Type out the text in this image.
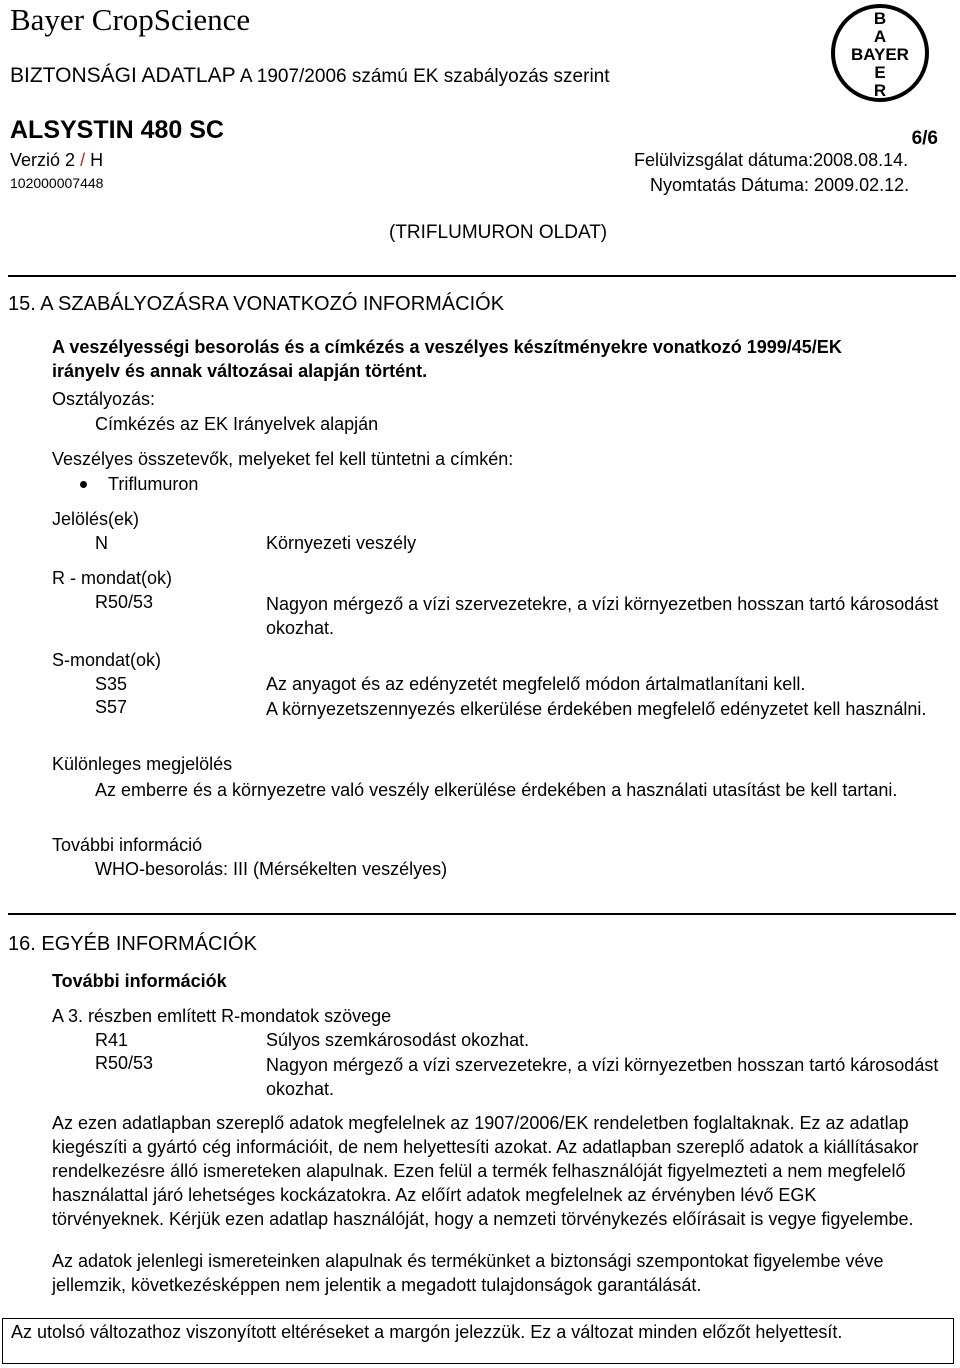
Bayer CropScience
BIZTONSÁGI ADATLAP A 1907/2006 számú EK szabályozás szerint
ALSYSTIN 480 SC	6/6
Verzió 2 / H	Felülvizsgálat dátuma:2008.08.14.
102000007448	Nyomtatás Dátuma: 2009.02.12.
B
A
BAYER
E
R
(TRIFLUMURON OLDAT)
15. A SZABÁLYOZÁSRA VONATKOZÓ INFORMÁCIÓK
A veszélyességi besorolás és a címkézés a veszélyes készítményekre vonatkozó 1999/45/EK irányelv és annak változásai alapján történt.
Osztályozás:
Címkézés az EK Irányelvek alapján
Veszélyes összetevők, melyeket fel kell tüntetni a címkén:
Triflumuron
Jelölés(ek)
N	Környezeti veszély
R - mondat(ok)
R50/53	Nagyon mérgező a vízi szervezetekre, a vízi környezetben hosszan tartó károsodást okozhat.
S-mondat(ok)
S35	Az anyagot és az edényzetét megfelelő módon ártalmatlanítani kell.
S57	A környezetszennyezés elkerülése érdekében megfelelő edényzetet kell használni.
Különleges megjelölés
Az emberre és a környezetre való veszély elkerülése érdekében a használati utasítást be kell tartani.
További információ
WHO-besorolás: III (Mérsékelten veszélyes)
16. EGYÉB INFORMÁCIÓK
További információk
A 3. részben említett R-mondatok szövege
R41	Súlyos szemkárosodást okozhat.
R50/53	Nagyon mérgező a vízi szervezetekre, a vízi környezetben hosszan tartó károsodást okozhat.
Az ezen adatlapban szereplő adatok megfelelnek az 1907/2006/EK rendeletben foglaltaknak. Ez az adatlap kiegészíti a gyártó cég információit, de nem helyettesíti azokat. Az adatlapban szereplő adatok a kiállításakor rendelkezésre álló ismereteken alapulnak. Ezen felül a termék felhasználóját figyelmezteti a nem megfelelő használattal járó lehetséges kockázatokra. Az előírt adatok megfelelnek az érvényben lévő EGK törvényeknek. Kérjük ezen adatlap használóját, hogy a nemzeti törvénykezés előírásait is vegye figyelembe.
Az adatok jelenlegi ismereteinken alapulnak és termékünket a biztonsági szempontokat figyelembe véve jellemzik, következésképpen nem jelentik a megadott tulajdonságok garantálását.
Az utolsó változathoz viszonyított eltéréseket a margón jelezzük. Ez a változat minden előzőt helyettesít.
